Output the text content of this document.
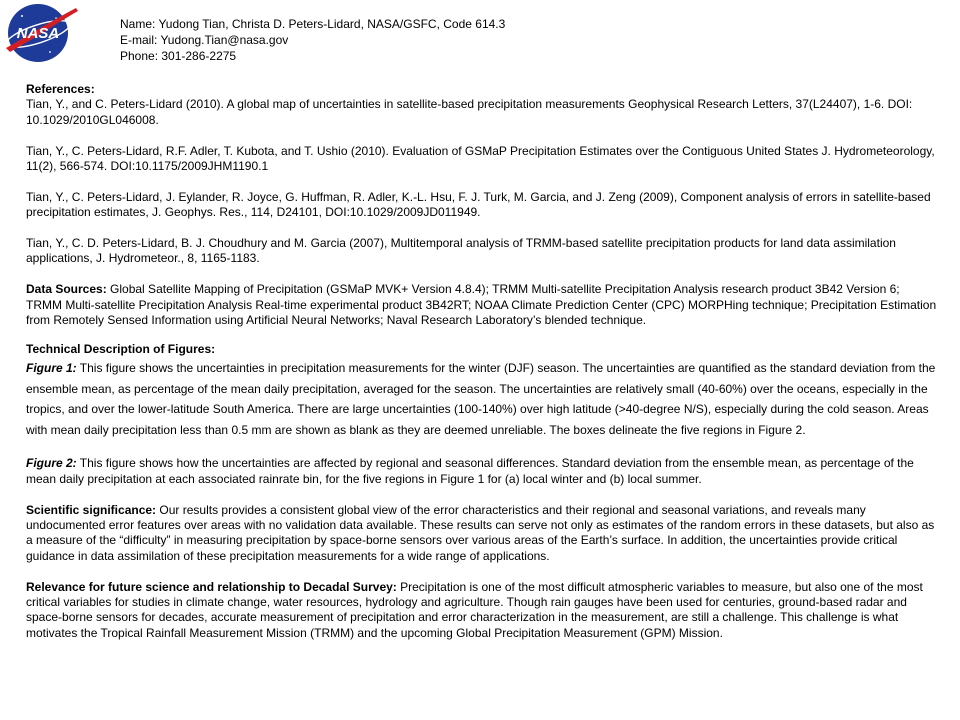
NASA
Name: Yudong Tian, Christa D. Peters-Lidard, NASA/GSFC, Code 614.3
E-mail: Yudong.Tian@nasa.gov
Phone: 301-286-2275

References:
Tian, Y., and C. Peters-Lidard (2010). A global map of uncertainties in satellite-based precipitation measurements Geophysical Research Letters, 37(L24407), 1-6. DOI: 10.1029/2010GL046008.

Tian, Y., C. Peters-Lidard, R.F. Adler, T. Kubota, and T. Ushio (2010). Evaluation of GSMaP Precipitation Estimates over the Contiguous United States J. Hydrometeorology, 11(2), 566-574. DOI:10.1175/2009JHM1190.1

Tian, Y., C. Peters-Lidard, J. Eylander, R. Joyce, G. Huffman, R. Adler, K.-L. Hsu, F. J. Turk, M. Garcia, and J. Zeng (2009), Component analysis of errors in satellite-based precipitation estimates, J. Geophys. Res., 114, D24101, DOI:10.1029/2009JD011949.

Tian, Y., C. D. Peters-Lidard, B. J. Choudhury and M. Garcia (2007), Multitemporal analysis of TRMM-based satellite precipitation products for land data assimilation applications, J. Hydrometeor., 8, 1165-1183.

Data Sources: Global Satellite Mapping of Precipitation (GSMaP MVK+ Version 4.8.4); TRMM Multi-satellite Precipitation Analysis research product 3B42 Version 6; TRMM Multi-satellite Precipitation Analysis Real-time experimental product 3B42RT; NOAA Climate Prediction Center (CPC) MORPHing technique; Precipitation Estimation from Remotely Sensed Information using Artificial Neural Networks; Naval Research Laboratory’s blended technique.

Technical Description of Figures:

Figure 1: This figure shows the uncertainties in precipitation measurements for the winter (DJF) season. The uncertainties are quantified as the standard deviation from the ensemble mean, as percentage of the mean daily precipitation, averaged for the season. The uncertainties are relatively small (40-60%) over the oceans, especially in the tropics, and over the lower-latitude South America. There are large uncertainties (100-140%) over high latitude (>40-degree N/S), especially during the cold season. Areas with mean daily precipitation less than 0.5 mm are shown as blank as they are deemed unreliable. The boxes delineate the five regions in Figure 2.

Figure 2: This figure shows how the uncertainties are affected by regional and seasonal differences. Standard deviation from the ensemble mean, as percentage of the mean daily precipitation at each associated rainrate bin, for the five regions in Figure 1 for (a) local winter and (b) local summer.

Scientific significance: Our results provides a consistent global view of the error characteristics and their regional and seasonal variations, and reveals many undocumented error features over areas with no validation data available. These results can serve not only as estimates of the random errors in these datasets, but also as a measure of the “difficulty” in measuring precipitation by space-borne sensors over various areas of the Earth’s surface. In addition, the uncertainties provide critical guidance in data assimilation of these precipitation measurements for a wide range of applications.

Relevance for future science and relationship to Decadal Survey: Precipitation is one of the most difficult atmospheric variables to measure, but also one of the most critical variables for studies in climate change, water resources, hydrology and agriculture. Though rain gauges have been used for centuries, ground-based radar and space-borne sensors for decades, accurate measurement of precipitation and error characterization in the measurement, are still a challenge. This challenge is what motivates the Tropical Rainfall Measurement Mission (TRMM) and the upcoming Global Precipitation Measurement (GPM) Mission.
